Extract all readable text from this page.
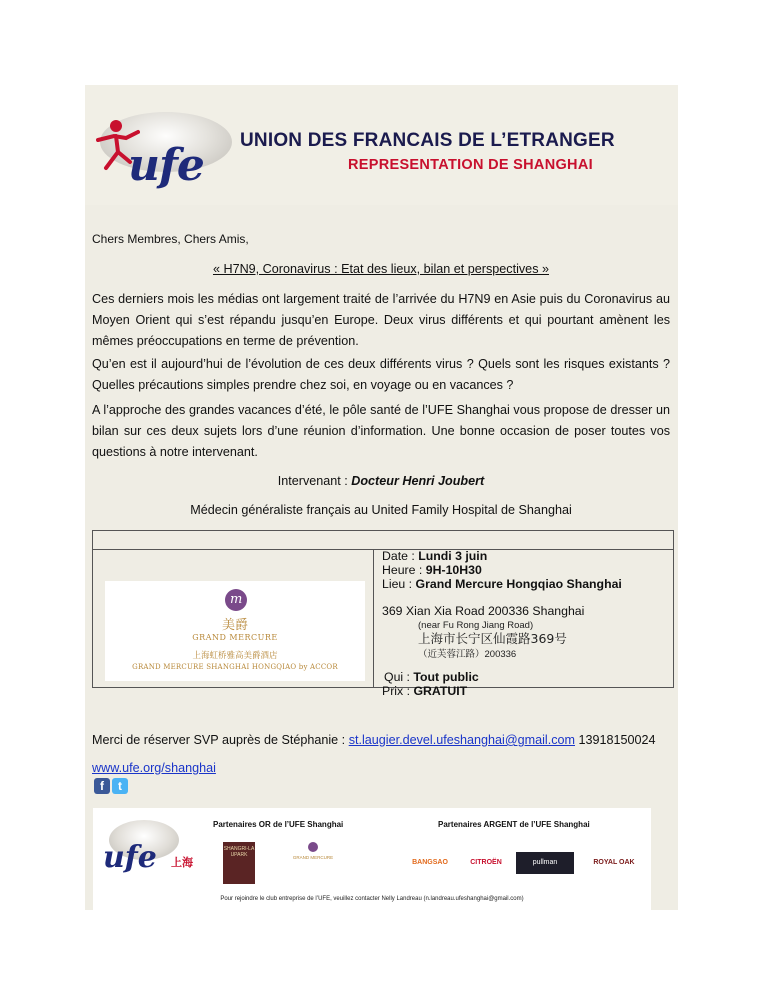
ufe UNION DES FRANCAIS DE L’ETRANGER
REPRESENTATION DE SHANGHAI
Chers Membres, Chers Amis,
« H7N9, Coronavirus : Etat des lieux, bilan et perspectives »
Ces derniers mois les médias ont largement traité de l’arrivée du H7N9 en Asie puis du Coronavirus au Moyen Orient qui s’est répandu jusqu’en Europe. Deux virus différents et qui pourtant amènent les mêmes préoccupations en terme de prévention.
Qu’en est il aujourd’hui de l’évolution de ces deux différents virus ? Quels sont les risques existants ? Quelles précautions simples prendre chez soi, en voyage ou en vacances ?
A l’approche des grandes vacances d’été, le pôle santé de l’UFE Shanghai vous propose de dresser un bilan sur ces deux sujets lors d’une réunion d’information. Une bonne occasion de poser toutes vos questions à notre intervenant.
Intervenant : Docteur Henri Joubert
Médecin généraliste français au United Family Hospital de Shanghai
m
美爵
GRAND MERCURE
上海虹桥雅高美爵酒店
GRAND MERCURE SHANGHAI HONGQIAO by ACCOR
Date : Lundi 3 juin
Heure : 9H-10H30
Lieu : Grand Mercure Hongqiao Shanghai
369 Xian Xia Road 200336 Shanghai
(near Fu Rong Jiang Road)
上海市长宁区仙霞路369号
（近芙蓉江路）200336
Qui : Tout public
Prix : GRATUIT
Merci de réserver SVP auprès de Stéphanie : st.laugier.devel.ufeshanghai@gmail.com 13918150024
www.ufe.org/shanghai
f t
ufe 上海
Partenaires OR de l’UFE Shanghai	Partenaires ARGENT de l’UFE Shanghai
SHANGRI-LA UPARK	GRAND MERCURE
BANGSAO	CITROËN	pullman	ROYAL OAK
Pour rejoindre le club entreprise de l’UFE, veuillez contacter Nelly Landreau (n.landreau.ufeshanghai@gmail.com)
